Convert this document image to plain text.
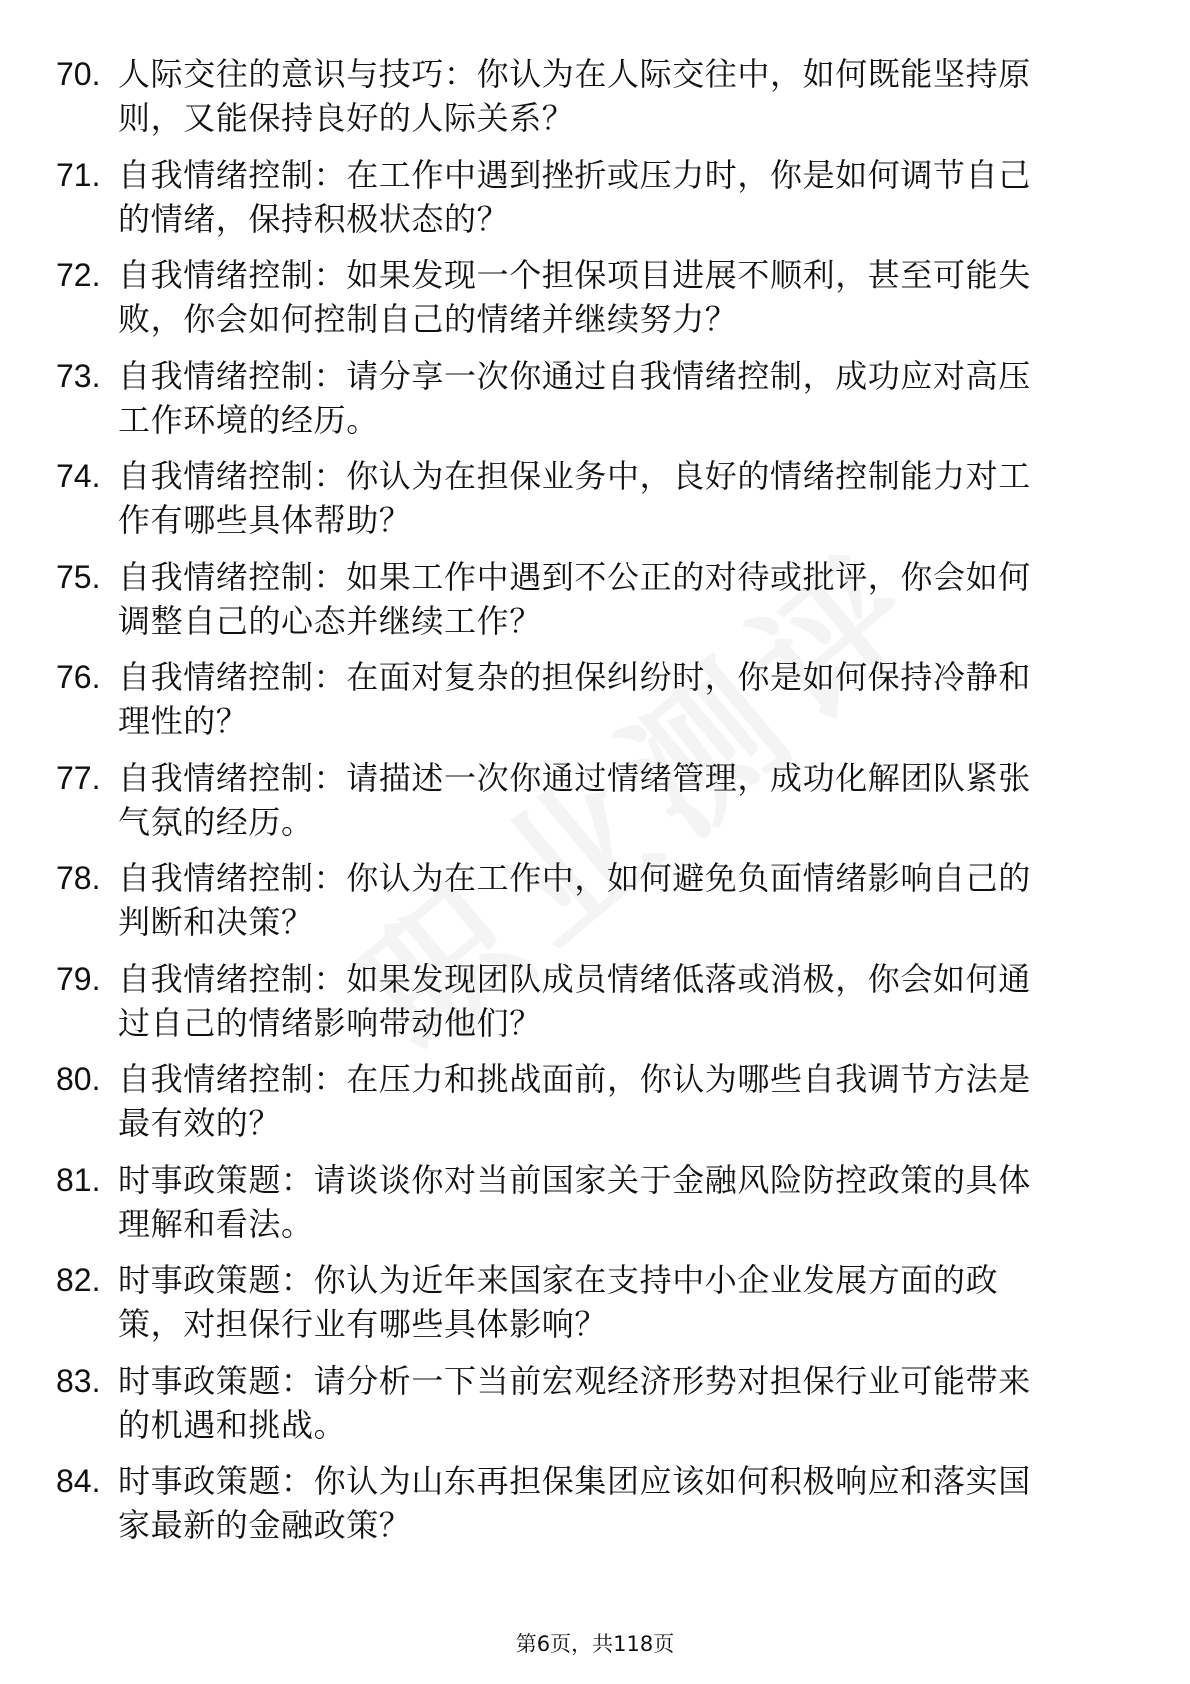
70. 人际交往的意识与技巧：你认为在人际交往中，如何既能坚持原
则，又能保持良好的人际关系？
71. 自我情绪控制：在工作中遇到挫折或压力时，你是如何调节自己
的情绪，保持积极状态的？
72. 自我情绪控制：如果发现一个担保项目进展不顺利，甚至可能失
败，你会如何控制自己的情绪并继续努力？
73. 自我情绪控制：请分享一次你通过自我情绪控制，成功应对高压
工作环境的经历。
74. 自我情绪控制：你认为在担保业务中，良好的情绪控制能力对工
作有哪些具体帮助？
75. 自我情绪控制：如果工作中遇到不公正的对待或批评，你会如何
调整自己的心态并继续工作？
76. 自我情绪控制：在面对复杂的担保纠纷时，你是如何保持冷静和
理性的？
77. 自我情绪控制：请描述一次你通过情绪管理，成功化解团队紧张
气氛的经历。
78. 自我情绪控制：你认为在工作中，如何避免负面情绪影响自己的
判断和决策？
79. 自我情绪控制：如果发现团队成员情绪低落或消极，你会如何通
过自己的情绪影响带动他们？
80. 自我情绪控制：在压力和挑战面前，你认为哪些自我调节方法是
最有效的？
81. 时事政策题：请谈谈你对当前国家关于金融风险防控政策的具体
理解和看法。
82. 时事政策题：你认为近年来国家在支持中小企业发展方面的政
策，对担保行业有哪些具体影响？
83. 时事政策题：请分析一下当前宏观经济形势对担保行业可能带来
的机遇和挑战。
84. 时事政策题：你认为山东再担保集团应该如何积极响应和落实国
家最新的金融政策？
第6页，共118页
